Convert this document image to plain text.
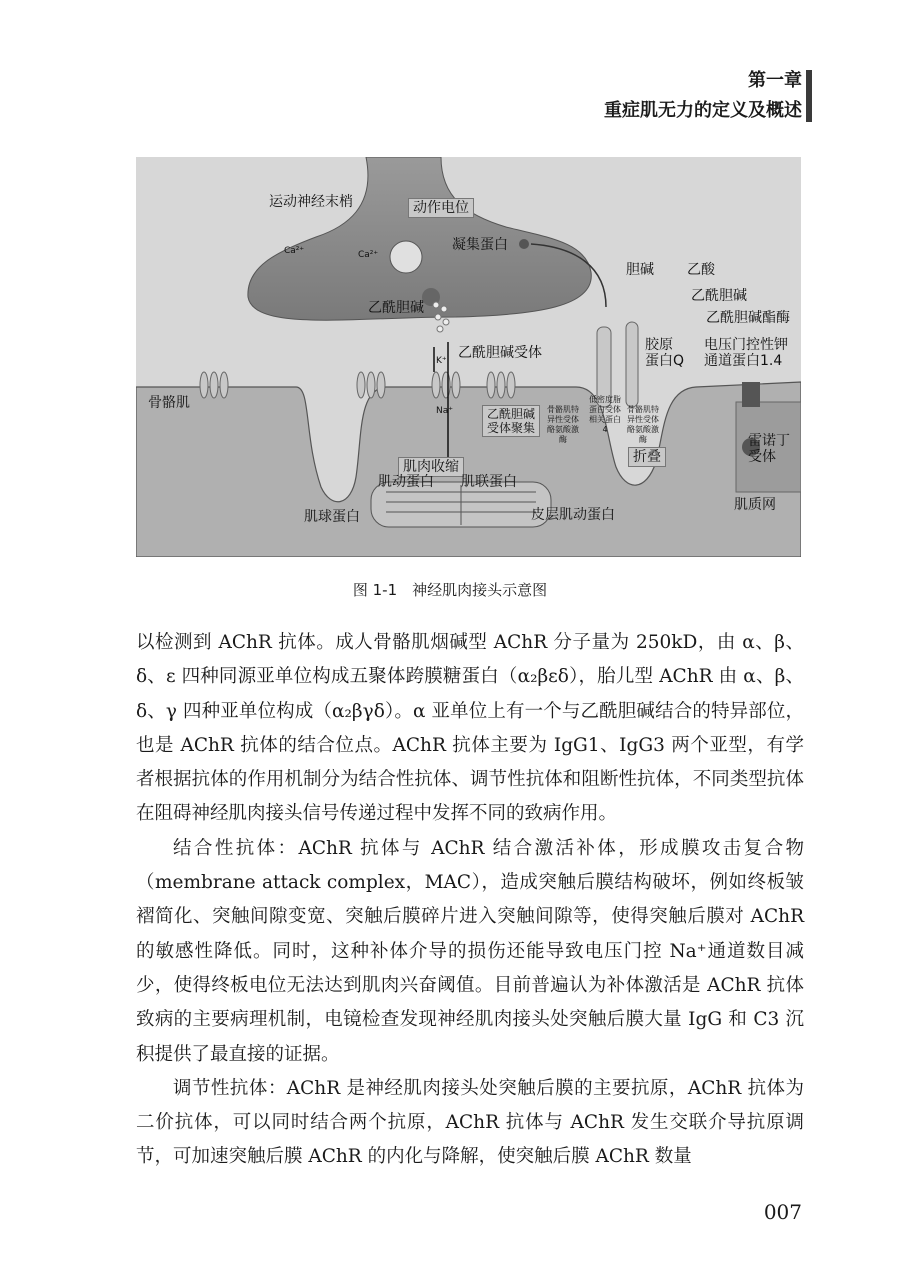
第一章
重症肌无力的定义及概述
运动神经末梢	动作电位
Ca²⁺	Ca²⁺
凝集蛋白
乙酰胆碱
胆碱 乙酸
乙酰胆碱
乙酰胆碱酯酶
胶原
蛋白Q
电压门控性钾
通道蛋白1.4
乙酰胆碱受体
K⁺
Na⁺
骨骼肌
乙酰胆碱
受体聚集
骨骼肌特异性受体酪氨酸激酶
低密度脂蛋白受体相关蛋白4
骨骼肌特异性受体酪氨酸激酶
折叠
雷诺丁
受体
肌肉收缩
肌动蛋白 肌联蛋白
肌球蛋白	皮层肌动蛋白
肌质网
图 1-1　神经肌肉接头示意图

以检测到 AChR 抗体。成人骨骼肌烟碱型 AChR 分子量为 250kD，由 α、β、δ、ε 四种同源亚单位构成五聚体跨膜糖蛋白（α₂βεδ），胎儿型 AChR 由 α、β、δ、γ 四种亚单位构成（α₂βγδ）。α 亚单位上有一个与乙酰胆碱结合的特异部位，也是 AChR 抗体的结合位点。AChR 抗体主要为 IgG1、IgG3 两个亚型，有学者根据抗体的作用机制分为结合性抗体、调节性抗体和阻断性抗体，不同类型抗体在阻碍神经肌肉接头信号传递过程中发挥不同的致病作用。

结合性抗体：AChR 抗体与 AChR 结合激活补体，形成膜攻击复合物（membrane attack complex，MAC），造成突触后膜结构破坏，例如终板皱褶简化、突触间隙变宽、突触后膜碎片进入突触间隙等，使得突触后膜对 AChR 的敏感性降低。同时，这种补体介导的损伤还能导致电压门控 Na⁺通道数目减少，使得终板电位无法达到肌肉兴奋阈值。目前普遍认为补体激活是 AChR 抗体致病的主要病理机制，电镜检查发现神经肌肉接头处突触后膜大量 IgG 和 C3 沉积提供了最直接的证据。

调节性抗体：AChR 是神经肌肉接头处突触后膜的主要抗原，AChR 抗体为二价抗体，可以同时结合两个抗原，AChR 抗体与 AChR 发生交联介导抗原调节，可加速突触后膜 AChR 的内化与降解，使突触后膜 AChR 数量

007
